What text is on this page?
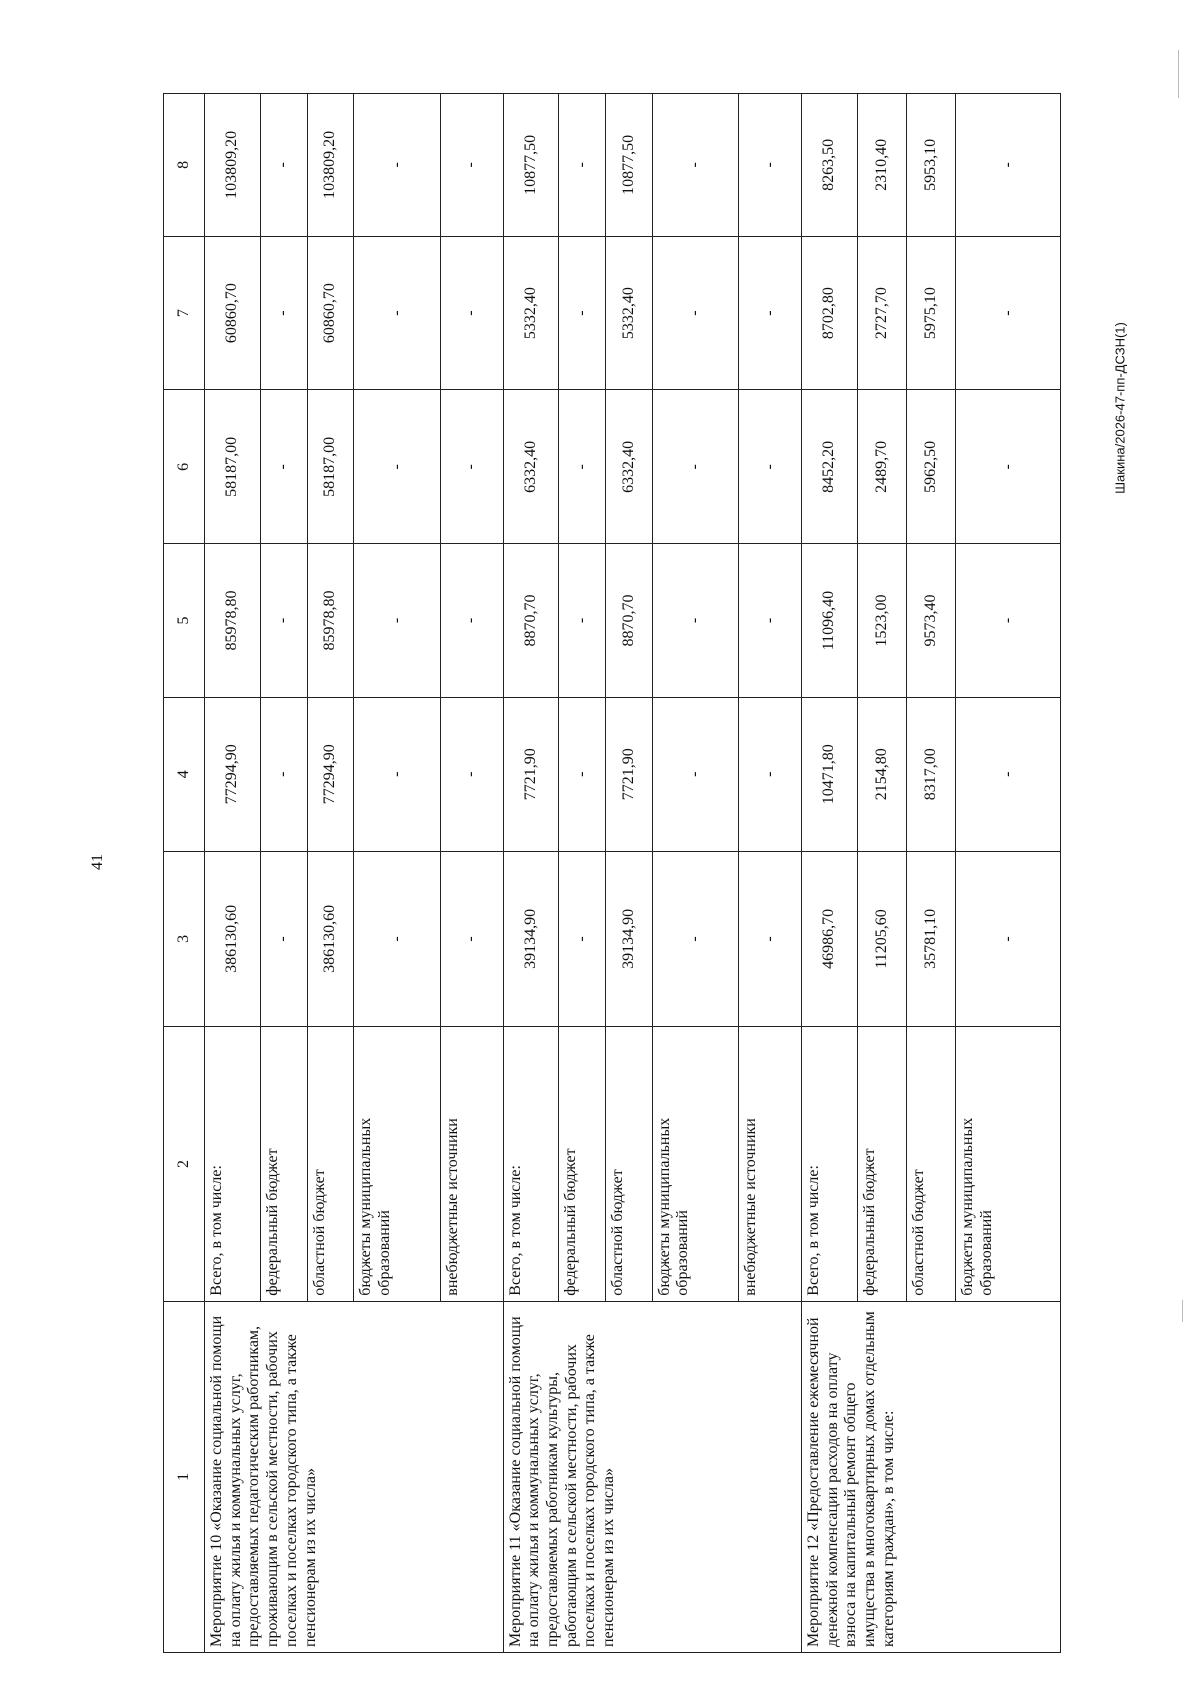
41
Шакина/2026-47-пп-ДСЗН(1)
1	2	3	4	5	6	7	8
Мероприятие 10 «Оказание социальной помощи на оплату жилья и коммунальных услуг, предоставляемых педагогическим работникам, проживающим в сельской местности, рабочих поселках и поселках городского типа, а также пенсионерам из их числа»	Всего, в том числе:	386130,60	77294,90	85978,80	58187,00	60860,70	103809,20
	федеральный бюджет	-	-	-	-	-	-
	областной бюджет	386130,60	77294,90	85978,80	58187,00	60860,70	103809,20
	бюджеты муниципальных образований	-	-	-	-	-	-
	внебюджетные источники	-	-	-	-	-	-
Мероприятие 11 «Оказание социальной помощи на оплату жилья и коммунальных услуг, предоставляемых работникам культуры, работающим в сельской местности, рабочих поселках и поселках городского типа, а также пенсионерам из их числа»	Всего, в том числе:	39134,90	7721,90	8870,70	6332,40	5332,40	10877,50
	федеральный бюджет	-	-	-	-	-	-
	областной бюджет	39134,90	7721,90	8870,70	6332,40	5332,40	10877,50
	бюджеты муниципальных образований	-	-	-	-	-	-
	внебюджетные источники	-	-	-	-	-	-
Мероприятие 12 «Предоставление ежемесячной денежной компенсации расходов на оплату взноса на капитальный ремонт общего имущества в многоквартирных домах отдельным категориям граждан», в том числе:	Всего, в том числе:	46986,70	10471,80	11096,40	8452,20	8702,80	8263,50
	федеральный бюджет	11205,60	2154,80	1523,00	2489,70	2727,70	2310,40
	областной бюджет	35781,10	8317,00	9573,40	5962,50	5975,10	5953,10
	бюджеты муниципальных образований	-	-	-	-	-	-
